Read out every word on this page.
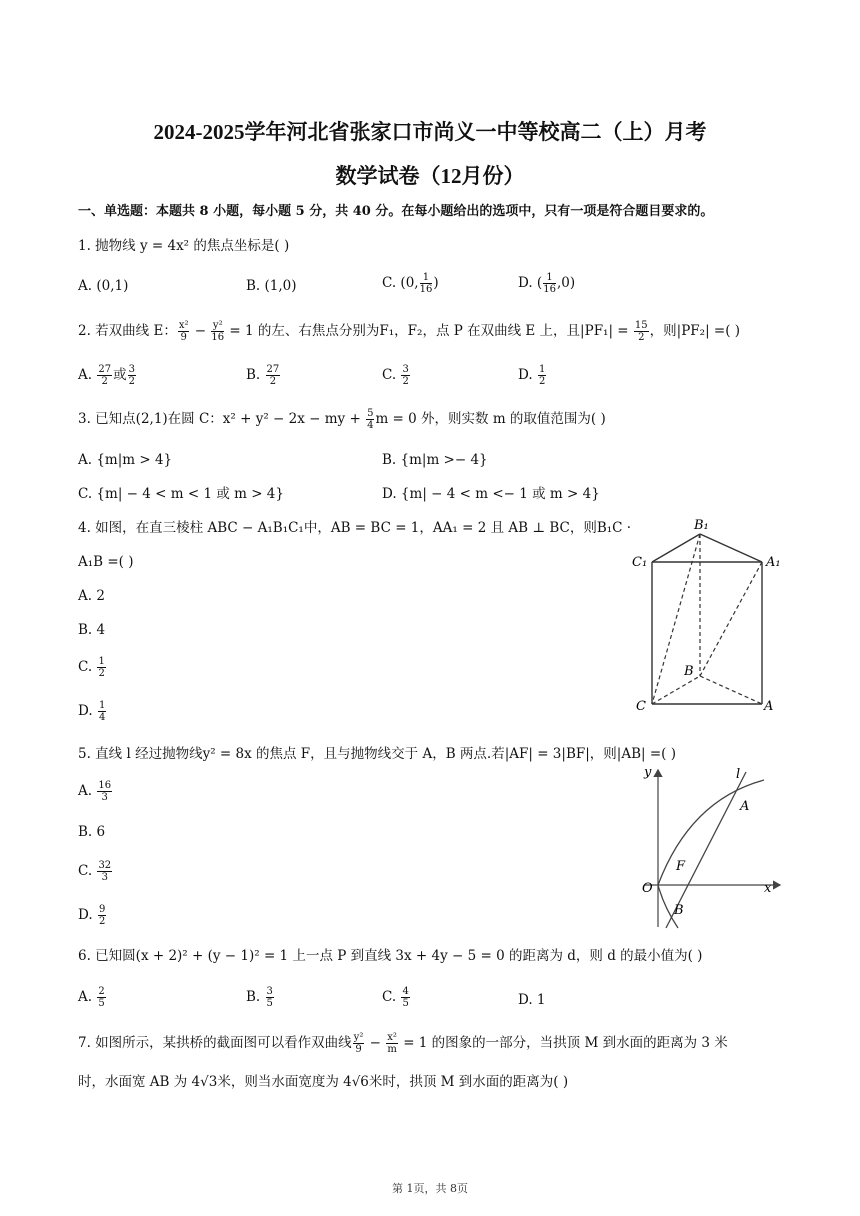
2024-2025学年河北省张家口市尚义一中等校高二（上）月考
数学试卷（12月份）
一、单选题：本题共 8 小题，每小题 5 分，共 40 分。在每小题给出的选项中，只有一项是符合题目要求的。
1. 抛物线 y = 4x² 的焦点坐标是( )
A. (0,1)	B. (1,0)	C. (0, $\frac{1}{16}$ )	D. ( $\frac{1}{16} ,0$)
2. 若双曲线 E： $\frac{\text{x²}}{9} - \frac{\text{y²}}{16} = 1$ 的左、右焦点分别为F₁，F₂，点 P 在双曲线 E 上，且$|PF_1| = \frac{15}{2}$ ，则|PF₂| =( )
A. $\frac{27}{2}$ 或 $\frac{3}{2}$	B. $\frac{27}{2}$	C. $\frac{3}{2}$	D. $\frac{1}{2}$
3. 已知点(2,1)在圆 C：x² + y² − 2x − my + $\frac{5}{4}$ m = 0 外，则实数 m 的取值范围为( )
A. {m|m > 4}	B. {m|m >− 4}
C. {m| − 4 < m < 1 或 m > 4}	D. {m| − 4 < m <− 1 或 m > 4}
4. 如图，在直三棱柱 ABC − A₁B₁C₁中，AB = BC = 1，AA₁ = 2 且 AB ⊥ BC，则B₁C ·
A₁B =( )
A. 2
B. 4
C. $\frac{1}{2}$
D. $\frac{1}{4}$
B₁
A₁
C₁
B
C	A
5. 直线 l 经过抛物线y² = 8x 的焦点 F，且与抛物线交于 A，B 两点.若|AF| = 3|BF|，则|AB| =( )
A. $\frac{16}{3}$
B. 6
C. $\frac{32}{3}$
D. $\frac{9}{2}$
y	l
A
F
O	x
B
6. 已知圆(x + 2)² + (y − 1)² = 1 上一点 P 到直线 3x + 4y − 5 = 0 的距离为 d，则 d 的最小值为( )
A. $\frac{2}{5}$	B. $\frac{3}{5}$	C. $\frac{4}{5}$	D. 1
7. 如图所示，某拱桥的截面图可以看作双曲线 $\frac{\text{y²}}{9} - \frac{\text{x²}}{m} = 1$ 的图象的一部分，当拱顶 M 到水面的距离为 3 米
时，水面宽 AB 为 4√3米，则当水面宽度为 4√6米时，拱顶 M 到水面的距离为( )
第 1页，共 8页
